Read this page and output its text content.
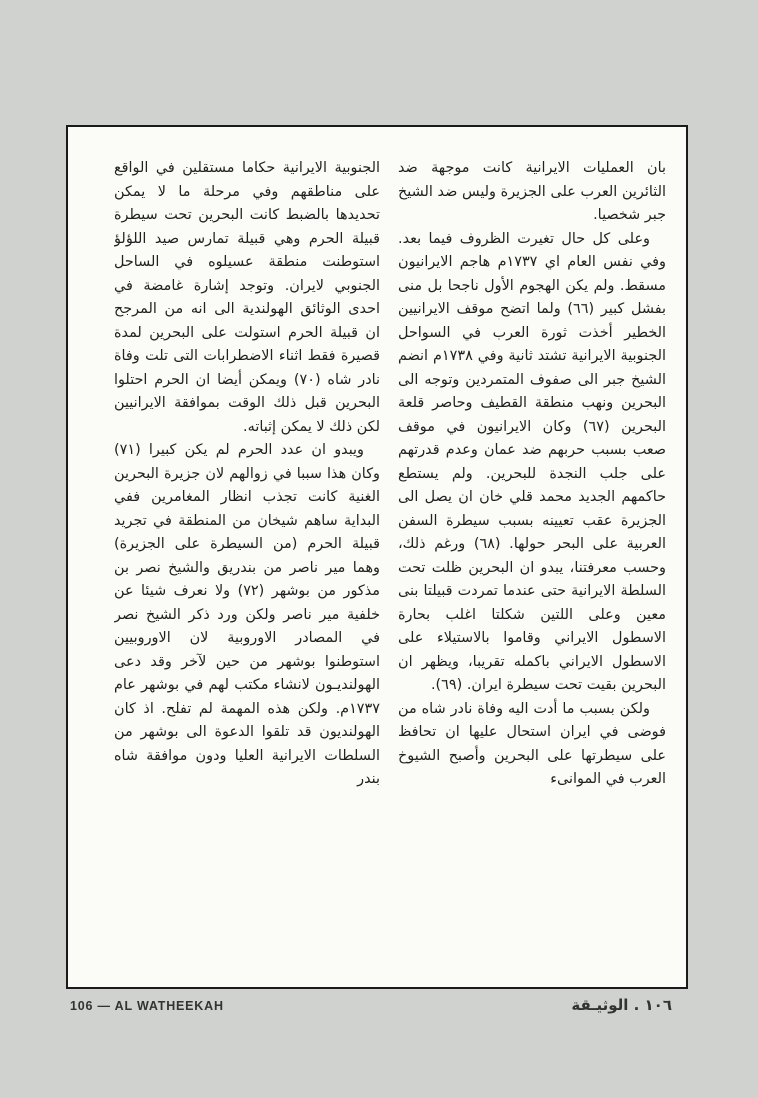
بان العمليات الايرانية كانت موجهة ضد الثائرين العرب على الجزيرة وليس ضد الشيخ جبر شخصيا.

وعلى كل حال تغيرت الظروف فيما بعد. وفي نفس العام اي ١٧٣٧م هاجم الايرانيون مسقط. ولم يكن الهجوم الأول ناجحا بل منى بفشل كبير (٦٦) ولما اتضح موقف الايرانيين الخطير أخذت ثورة العرب في السواحل الجنوبية الايرانية تشتد ثانية وفي ١٧٣٨م انضم الشيخ جبر الى صفوف المتمردين وتوجه الى البحرين ونهب منطقة القطيف وحاصر قلعة البحرين (٦٧) وكان الايرانيون في موقف صعب بسبب حربهم ضد عمان وعدم قدرتهم على جلب النجدة للبحرين. ولم يستطع حاكمهم الجديد محمد قلي خان ان يصل الى الجزيرة عقب تعيينه بسبب سيطرة السفن العربية على البحر حولها. (٦٨) ورغم ذلك، وحسب معرفتنا، يبدو ان البحرين ظلت تحت السلطة الايرانية حتى عندما تمردت قبيلتا بنى معين وعلى اللتين شكلتا اغلب بحارة الاسطول الايراني وقاموا بالاستيلاء على الاسطول الايراني باكمله تقريبا، ويظهر ان البحرين بقيت تحت سيطرة ايران. (٦٩).

ولكن بسبب ما أدت اليه وفاة نادر شاه من فوضى في ايران استحال عليها ان تحافظ على سيطرتها على البحرين وأصبح الشيوخ العرب في الموانىء

الجنوبية الايرانية حكاما مستقلين في الواقع على مناطقهم وفي مرحلة ما لا يمكن تحديدها بالضبط كانت البحرين تحت سيطرة قبيلة الحرم وهي قبيلة تمارس صيد اللؤلؤ استوطنت منطقة عسيلوه في الساحل الجنوبي لايران. وتوجد إشارة غامضة في احدى الوثائق الهولندية الى انه من المرجح ان قبيلة الحرم استولت على البحرين لمدة قصيرة فقط اثناء الاضطرابات التى تلت وفاة نادر شاه (٧٠) ويمكن أيضا ان الحرم احتلوا البحرين قبل ذلك الوقت بموافقة الايرانيين لكن ذلك لا يمكن إثباته.

ويبدو ان عدد الحرم لم يكن كبيرا (٧١) وكان هذا سببا في زوالهم لان جزيرة البحرين الغنية كانت تجذب انظار المغامرين ففي البداية ساهم شيخان من المنطقة في تجريد قبيلة الحرم (من السيطرة على الجزيرة) وهما مير ناصر من بندريق والشيخ نصر بن مذكور من بوشهر (٧٢) ولا نعرف شيئا عن خلفية مير ناصر ولكن ورد ذكر الشيخ نصر في المصادر الاوروبية لان الاوروبيين استوطنوا بوشهر من حين لآخر وقد دعى الهولنديـون لانشاء مكتب لهم في بوشهر عام ١٧٣٧م. ولكن هذه المهمة لم تفلح. اذ كان الهولنديون قد تلقوا الدعوة الى بوشهر من السلطات الايرانية العليا ودون موافقة شاه بندر

106 — AL WATHEEKAH	١٠٦ . الوثيـقة
